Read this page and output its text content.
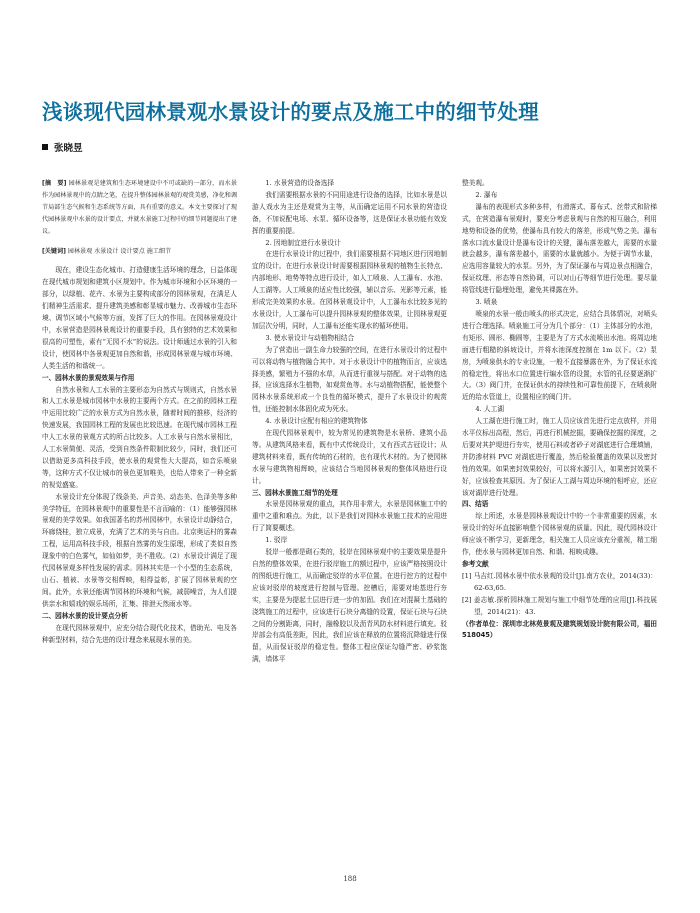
浅谈现代园林景观水景设计的要点及施工中的细节处理
张晓昱

[摘　要] 园林景观是建筑和生态环境建设中不可或缺的一部分，而水景作为园林景观中的点睛之笔，在提升整体园林景观的观赏美感，净化和调节局部生态气候和生态系统等方面，具有重要的意义。本文主要探讨了现代园林景观中水景的设计要点，并就水景施工过程中的细节问题提出了建议。

[关键词] 园林景观 水景设计 设计要点 施工细节

现在，建设生态化城市、打造健康生活环境的理念，日益体现在现代城市规划和建筑小区规划中。作为城市环境和小区环境的一部分，以绿植、花卉、水景为主要构成部分的园林景观，在满足人们精神生活需求、提升建筑美感和彰显城市魅力、改善城市生态环境、调节区域小气候等方面，发挥了巨大的作用。在园林景观设计中，水景营造是园林景观设计的重要手段，具有独特的艺术效果和很高的可塑性，素有“无园不水”的说法。设计师通过水景的引入和设计，使园林中各景观更加自然和谐，形成园林景观与城市环境、人类生活的和谐统一。

一、园林水景的景观效果与作用

自然水景和人工水景的主要形态为自然式与规则式，自然水景和人工水景是城市园林中水景的主要两个方式。在之前的园林工程中运用比较广泛的水景方式为自然水景，随着时间的推移，经济的快速发展，我国园林工程的发展也比较迅速。在现代城市园林工程中人工水景的景观方式的所占比较多。人工水景与自然水景相比，人工水景简便、灵活，受到自然条件限制比较少，同时，我们还可以借助更多高科技手段，使水景的观赏性大大提高，如音乐喷泉等，这种方式不仅让城市的景色更加唯美，也给人带来了一种全新的视觉盛宴。

水景设计充分体现了线条美、声音美、动态美、色泽美等多种美学特征，在园林景观中的重要性是不言而喻的：（1）能够强园林景观的美学效果。如我国著名的苏州园林中，水景设计动静结合，环廊绕桂，独立成景，充满了艺术的美与自由。北京奥运村的雾森工程，运用高科技手段，根据自然雾的发生原理，形成了类似自然现象中的白色雾气，如仙如梦，美不胜收。（2）水景设计满足了现代园林景观多样性发展的需求。园林其实是一个小型的生态系统，山石、植被、水景等交相辉映，相得益彰，扩展了园林景观的空间。此外，水景还能调节园林的环境和气候，减弱噪音，为人们提供亲水和嬉戏的娱乐场所，汇集、排泄天然雨水等。

二、园林水景的设计要点分析

在现代园林景观中，应充分结合现代化技术，借助光、电及各种新型材料，结合先进的设计理念来展现水景的美。

1. 水景营造的设备选择

我们需要根据水景的不同用途进行设备的选择，比如水景是以游人戏水为主还是观赏为主等，从而确定运用不同水景的营造设备，不加说配电场、水泵、循环设备等，这是保证水景功能有效发挥的重要前提。

2. 因地制宜进行水景设计

在进行水景设计的过程中，我们需要根据不同地区进行因地制宜的设计。在进行水景设计时需要根据园林景观的植物生长特点、内部地形、地势等特点进行设计，如人工喷泉、人工瀑布、水池、人工湖等。人工喷泉的适应性比较强，辅以音乐、光影等元素，能形成完美效果的水景。在园林景观设计中，人工瀑布水比较多见的水景设计，人工瀑布可以提升园林景观的整体效果，让园林景观更加层次分明，同时，人工瀑布还能实现水的循环使用。

3. 使水景设计与动植物相结合

为了营造出一副生命力较强的空间，在进行水景设计的过程中可以将动物与植物融合其中。对于水景设计中的植物而言，应该选择美感，繁殖力不强的水草，从而进行重视与搭配。对于动物的选择，应该选择水生植物，如观赏鱼等。水与动植物搭配，能使整个园林水景系统形成一个良性的循环模式，提升了水景设计的观赏性，还能控制水体固化成为死水。

4. 水景设计应配有相应的建筑物体

在现代园林景观中，较为常见的建筑物是水景桥、建筑小品等。从建筑风格来看，既有中式传统设计，又有西式古冠设计；从建筑材料来看，既有传统的石材的，也有现代木材的。为了使园林水景与建筑物相辉映，应该结合当地园林景观的整体风格进行设计。

三、园林水景施工细节的处理

水景是园林景观的重点，其作用非常大，水景是园林施工中的重中之重和难点。为此，以下是我们对园林水景施工技术的应用进行了简要概述。

1. 驳岸

驳岸一般都是砌石类的，驳岸在园林景观中的主要效果是提升自然的整体效果，在进行驳岸施工的额过程中，应该严格按照设计的图纸进行施工，从而确定驳岸的水平位置。在进行挖方的过程中应该对驳岸的坡度进行控制与管理。挖槽后，需要对地基进行夯实，主要是为提起土层进行进一步的加固。我们在对混凝土基础的浇筑施工的过程中，应该进行石块分离缝的设置，保证石块与石块之间的分割距离，同时，融橡胶以及沥青风防水材料进行填充。驳岸部会有高低差距，因此，我们应该在释放的位置将沉降缝进行保留，从而保证驳岸的稳定性。整体工程应保证勾缝严密、砂浆饱满，墙体平

整美观。

2. 瀑布

瀑布的表现形式多种多样，有滑落式、幕布式、丝带式和阶梯式，在营造瀑布景观时，要充分考虑景观与自然的相互融合，利用地势和设备的优势，使瀑布具有较大的落差，形成气势之美。瀑布落水口流水量设计是瀑布设计的关键，瀑布落差越大，需要的水量就会越多，瀑布落差越小，需要的水量就越小。为便于调节水量，应选用容量较大的水泵。另外，为了保证瀑布与周边景点相融合，保证纹理、形态等自然协调，可以对山石等细节进行处理。要尽量将管线进行隐埋处理，避免其裸露在外。

3. 喷泉

喷泉的水景一般由喷头的形式决定，应结合具体情况，对喷头进行合理选择。喷泉施工可分为几个部分：（1）主体部分的水池，有矩形、圆形、椭圆等，主要是为了方式水流喷出水池。将周边地面进行粗糙的斜坡设计，并将水池深度控制在 1m 以下。（2）泵房，为喷泉供水的专业设施，一般不直接暴露在外，为了保证水流的稳定性，将出水口位置进行编水管的设置，水管的孔径要逐渐扩大。（3）阀门井，在保证供水的持续性和可靠性前提下，在喷泉附近的给水管道上，设置相应的阀门井。

4. 人工湖

人工湖在进行施工时，施工人员应该首先进行定点放样，并用水平仪标出高程，然后，再进行机械挖掘，要确保挖掘的深度，之后要对其护堤进行夯实，使用石料或者砂子对湖底进行合理填铺，并防渗材料 PVC 对湖底进行覆盖，然后检验覆盖的效果以及密封性的效果。如果密封效果较好，可以将水源引入，如果密封效果不好，应该检查其原因。为了保证人工湖与周边环境的相呼应，还应该对湖岸进行处理。

四、结语

综上所述，水景是园林景观设计中的一个非常重要的因素，水景设计的好坏直接影响整个园林景观的质量。因此，现代园林设计师应该不断学习，更新理念，相关施工人员应该充分重视，精工细作，使水景与园林更加自然、和谐、相映成趣。

参考文献

[1] 马吉红.园林水景中依水景观的设计[J].南方农业，2014(33)：62-63,65.

[2] 姜志敏.探析园林施工规划与施工中细节处理的应用[J].科技展望，2014(21)：43.

（作者单位：深圳市北林苑景观及建筑规划设计院有限公司，福田 518045）

188
